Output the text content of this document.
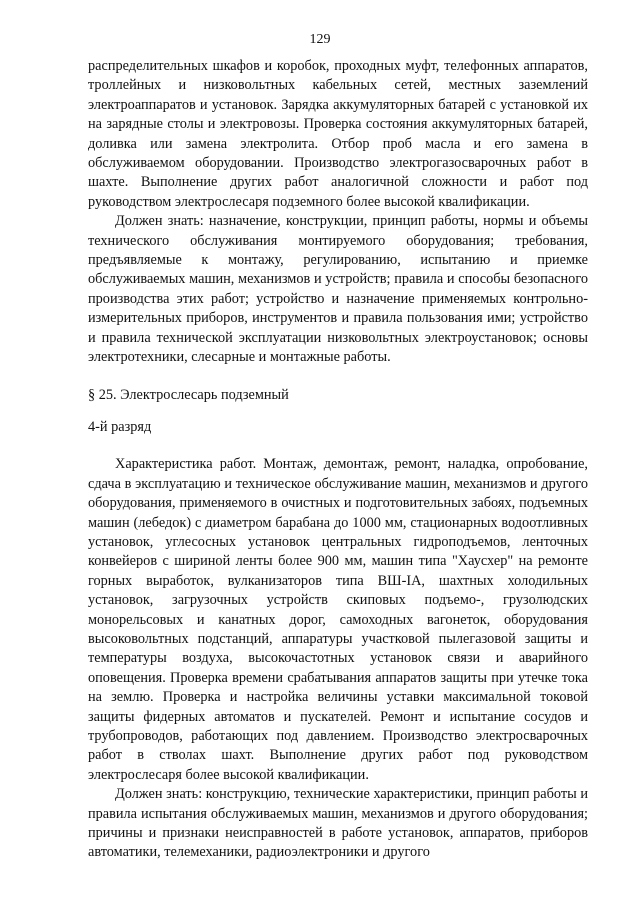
129

распределительных шкафов и коробок, проходных муфт, телефонных аппаратов, троллейных и низковольтных кабельных сетей, местных заземлений электроаппаратов и установок. Зарядка аккумуляторных батарей с установкой их на зарядные столы и электровозы. Проверка состояния аккумуляторных батарей, доливка или замена электролита. Отбор проб масла и его замена в обслуживаемом оборудовании. Производство электрогазосварочных работ в шахте. Выполнение других работ аналогичной сложности и работ под руководством электрослесаря подземного более высокой квалификации.

Должен знать: назначение, конструкции, принцип работы, нормы и объемы технического обслуживания монтируемого оборудования; требования, предъявляемые к монтажу, регулированию, испытанию и приемке обслуживаемых машин, механизмов и устройств; правила и способы безопасного производства этих работ; устройство и назначение применяемых контрольно-измерительных приборов, инструментов и правила пользования ими; устройство и правила технической эксплуатации низковольтных электроустановок; основы электротехники, слесарные и монтажные работы.

§ 25. Электрослесарь подземный

4-й разряд

Характеристика работ. Монтаж, демонтаж, ремонт, наладка, опробование, сдача в эксплуатацию и техническое обслуживание машин, механизмов и другого оборудования, применяемого в очистных и подготовительных забоях, подъемных машин (лебедок) с диаметром барабана до 1000 мм, стационарных водоотливных установок, углесосных установок центральных гидроподъемов, ленточных конвейеров с шириной ленты более 900 мм, машин типа "Хаусхер" на ремонте горных выработок, вулканизаторов типа ВШ-IA, шахтных холодильных установок, загрузочных устройств скиповых подъемо-, грузолюдских монорельсовых и канатных дорог, самоходных вагонеток, оборудования высоковольтных подстанций, аппаратуры участковой пылегазовой защиты и температуры воздуха, высокочастотных установок связи и аварийного оповещения. Проверка времени срабатывания аппаратов защиты при утечке тока на землю. Проверка и настройка величины уставки максимальной токовой защиты фидерных автоматов и пускателей. Ремонт и испытание сосудов и трубопроводов, работающих под давлением. Производство электросварочных работ в стволах шахт. Выполнение других работ под руководством электрослесаря более высокой квалификации.

Должен знать: конструкцию, технические характеристики, принцип работы и правила испытания обслуживаемых машин, механизмов и другого оборудования; причины и признаки неисправностей в работе установок, аппаратов, приборов автоматики, телемеханики, радиоэлектроники и другого
